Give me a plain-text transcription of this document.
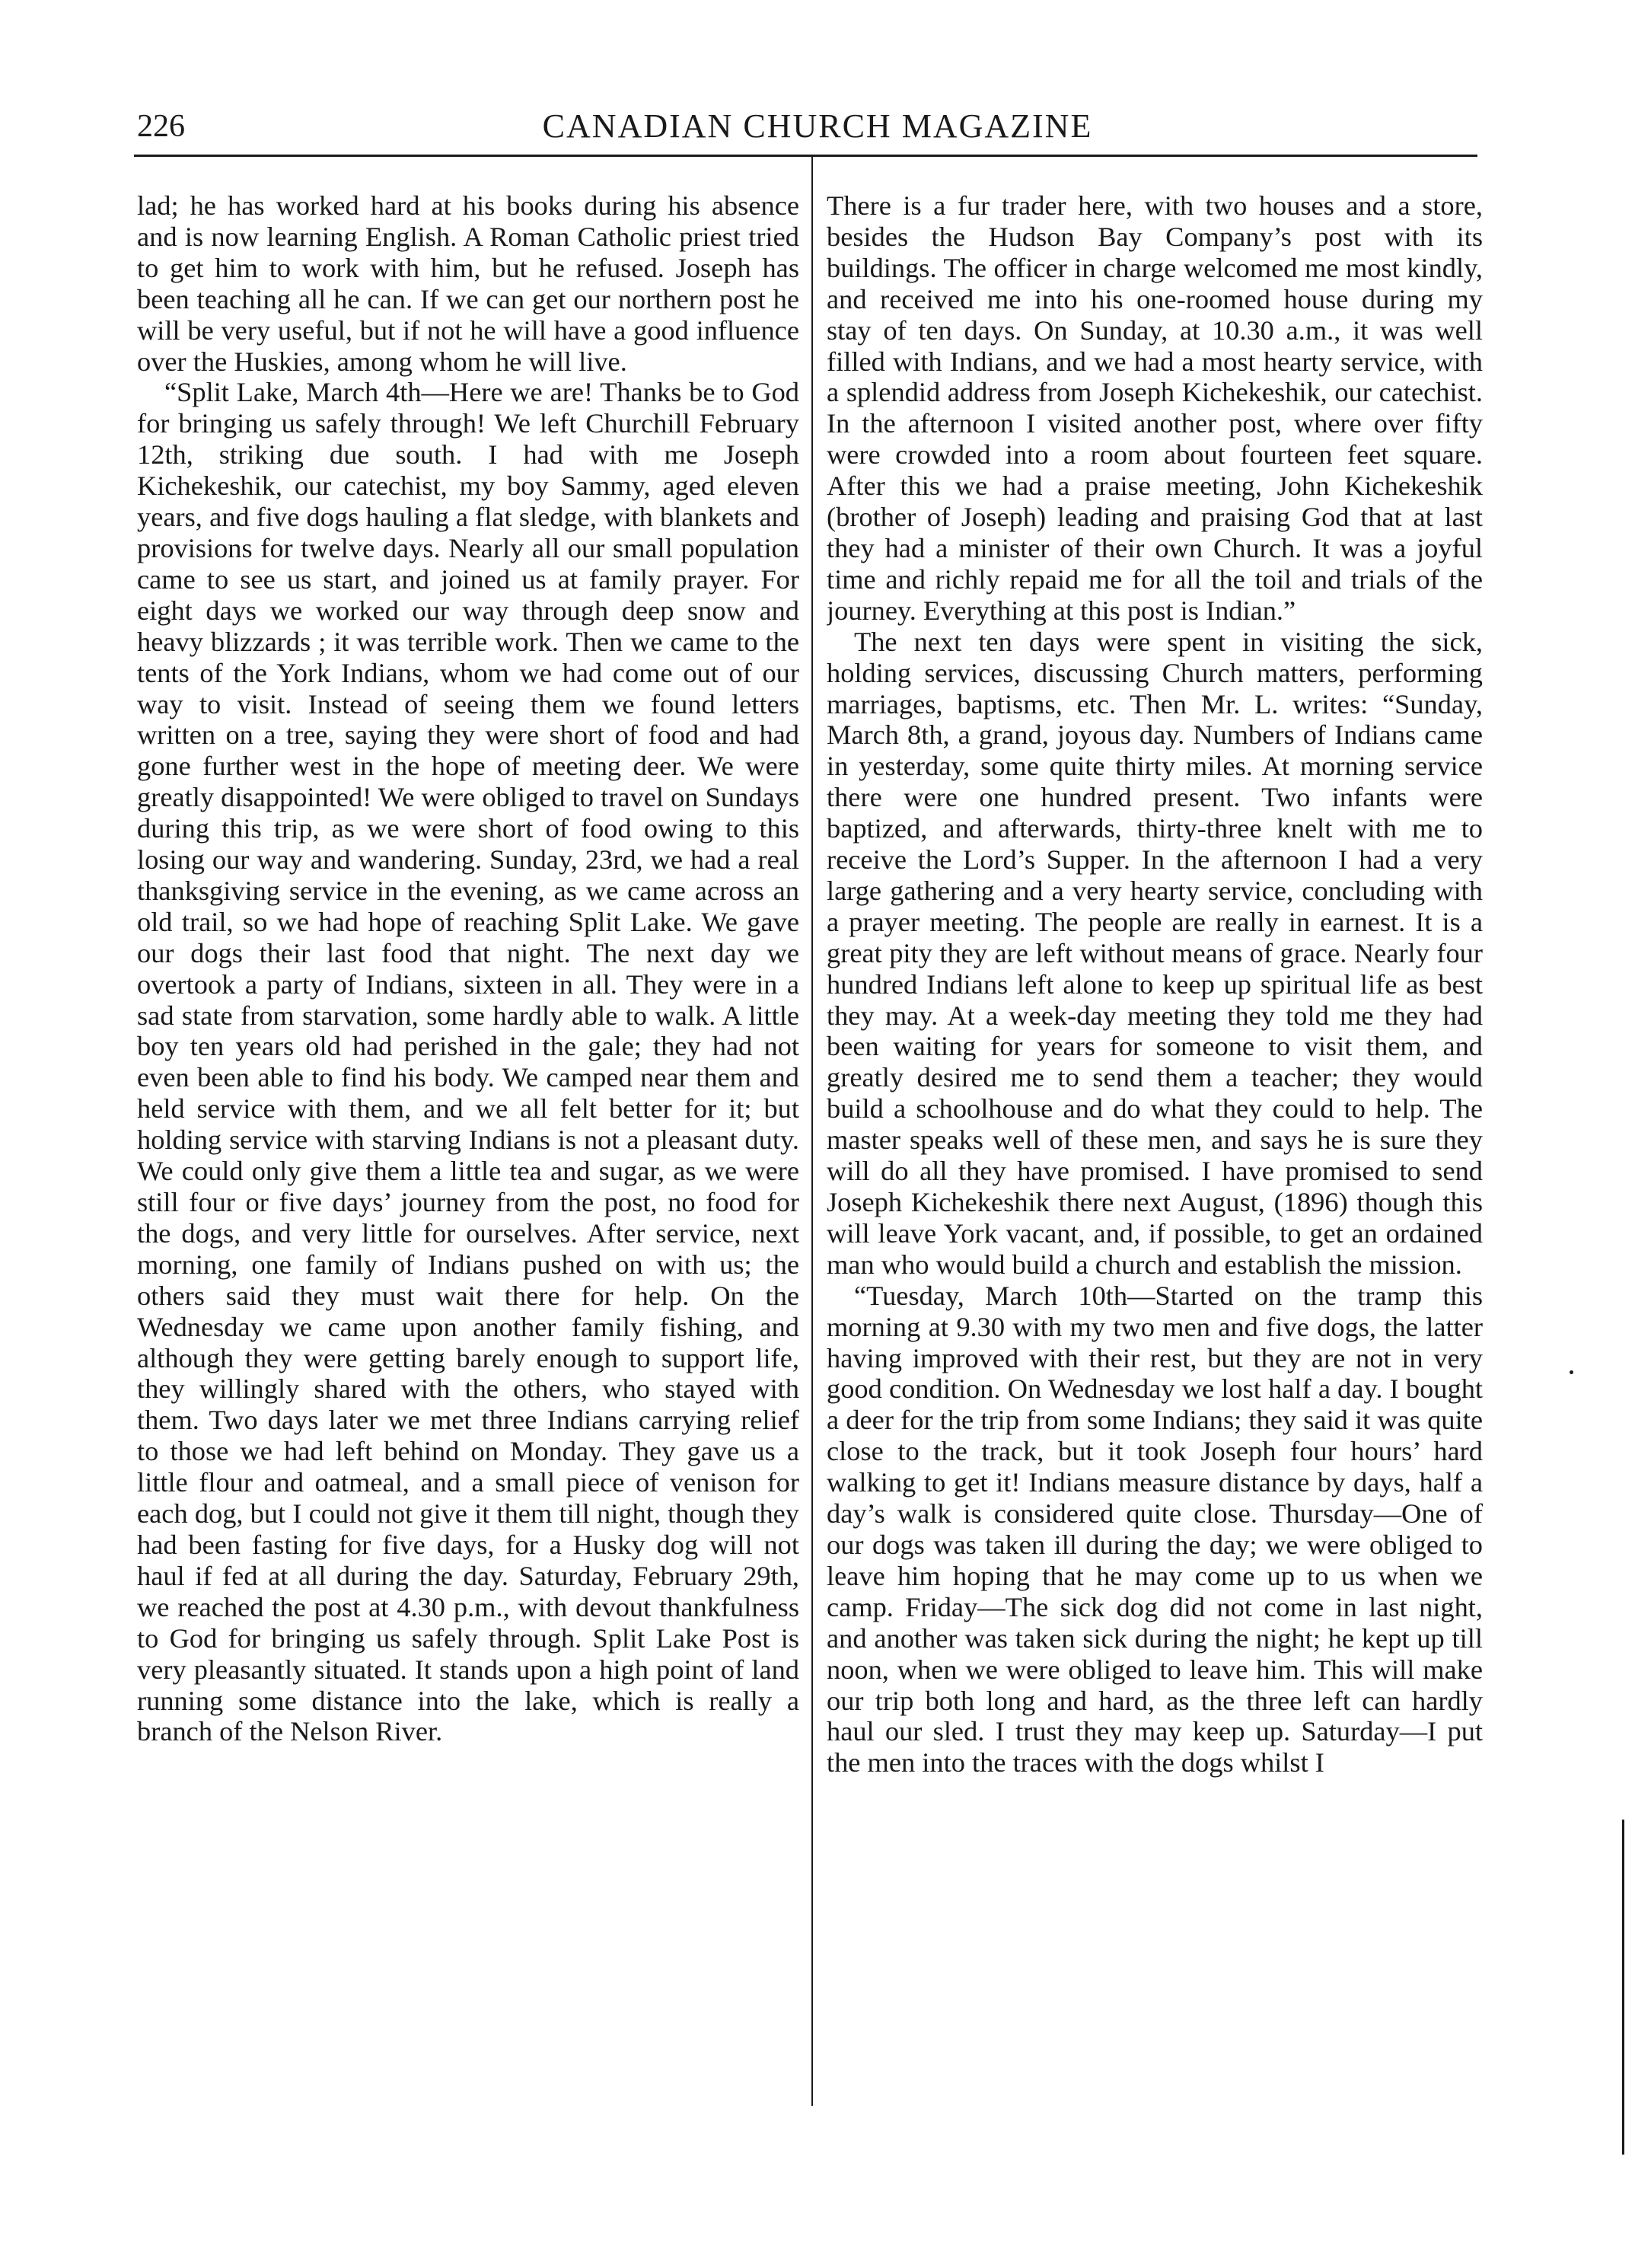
226	CANADIAN CHURCH MAGAZINE

lad; he has worked hard at his books during his absence and is now learning English. A Roman Catholic priest tried to get him to work with him, but he refused. Joseph has been teaching all he can. If we can get our northern post he will be very useful, but if not he will have a good influence over the Huskies, among whom he will live.

“Split Lake, March 4th—Here we are! Thanks be to God for bringing us safely through! We left Churchill February 12th, striking due south. I had with me Joseph Kichekeshik, our catechist, my boy Sammy, aged eleven years, and five dogs hauling a flat sledge, with blankets and provisions for twelve days. Nearly all our small population came to see us start, and joined us at family prayer. For eight days we worked our way through deep snow and heavy blizzards ; it was terrible work. Then we came to the tents of the York Indians, whom we had come out of our way to visit. Instead of seeing them we found letters written on a tree, saying they were short of food and had gone further west in the hope of meeting deer. We were greatly disappointed! We were obliged to travel on Sundays during this trip, as we were short of food owing to this losing our way and wandering. Sunday, 23rd, we had a real thanksgiving service in the evening, as we came across an old trail, so we had hope of reaching Split Lake. We gave our dogs their last food that night. The next day we overtook a party of Indians, sixteen in all. They were in a sad state from starvation, some hardly able to walk. A little boy ten years old had perished in the gale; they had not even been able to find his body. We camped near them and held service with them, and we all felt better for it; but holding service with starving Indians is not a pleasant duty. We could only give them a little tea and sugar, as we were still four or five days’ journey from the post, no food for the dogs, and very little for ourselves. After service, next morning, one family of Indians pushed on with us; the others said they must wait there for help. On the Wednesday we came upon another family fishing, and although they were getting barely enough to support life, they willingly shared with the others, who stayed with them. Two days later we met three Indians carrying relief to those we had left behind on Monday. They gave us a little flour and oatmeal, and a small piece of venison for each dog, but I could not give it them till night, though they had been fasting for five days, for a Husky dog will not haul if fed at all during the day. Saturday, February 29th, we reached the post at 4.30 p.m., with devout thankfulness to God for bringing us safely through. Split Lake Post is very pleasantly situated. It stands upon a high point of land running some distance into the lake, which is really a branch of the Nelson River.

There is a fur trader here, with two houses and a store, besides the Hudson Bay Company’s post with its buildings. The officer in charge welcomed me most kindly, and received me into his one-roomed house during my stay of ten days. On Sunday, at 10.30 a.m., it was well filled with Indians, and we had a most hearty service, with a splendid address from Joseph Kichekeshik, our catechist. In the afternoon I visited another post, where over fifty were crowded into a room about fourteen feet square. After this we had a praise meeting, John Kichekeshik (brother of Joseph) leading and praising God that at last they had a minister of their own Church. It was a joyful time and richly repaid me for all the toil and trials of the journey. Everything at this post is Indian.”

The next ten days were spent in visiting the sick, holding services, discussing Church matters, performing marriages, baptisms, etc. Then Mr. L. writes: “Sunday, March 8th, a grand, joyous day. Numbers of Indians came in yesterday, some quite thirty miles. At morning service there were one hundred present. Two infants were baptized, and afterwards, thirty-three knelt with me to receive the Lord’s Supper. In the afternoon I had a very large gathering and a very hearty service, concluding with a prayer meeting. The people are really in earnest. It is a great pity they are left without means of grace. Nearly four hundred Indians left alone to keep up spiritual life as best they may. At a week-day meeting they told me they had been waiting for years for someone to visit them, and greatly desired me to send them a teacher; they would build a schoolhouse and do what they could to help. The master speaks well of these men, and says he is sure they will do all they have promised. I have promised to send Joseph Kichekeshik there next August, (1896) though this will leave York vacant, and, if possible, to get an ordained man who would build a church and establish the mission.

“Tuesday, March 10th—Started on the tramp this morning at 9.30 with my two men and five dogs, the latter having improved with their rest, but they are not in very good condition. On Wednesday we lost half a day. I bought a deer for the trip from some Indians; they said it was quite close to the track, but it took Joseph four hours’ hard walking to get it! Indians measure distance by days, half a day’s walk is considered quite close. Thursday—One of our dogs was taken ill during the day; we were obliged to leave him hoping that he may come up to us when we camp. Friday—The sick dog did not come in last night, and another was taken sick during the night; he kept up till noon, when we were obliged to leave him. This will make our trip both long and hard, as the three left can hardly haul our sled. I trust they may keep up. Saturday—I put the men into the traces with the dogs whilst I
